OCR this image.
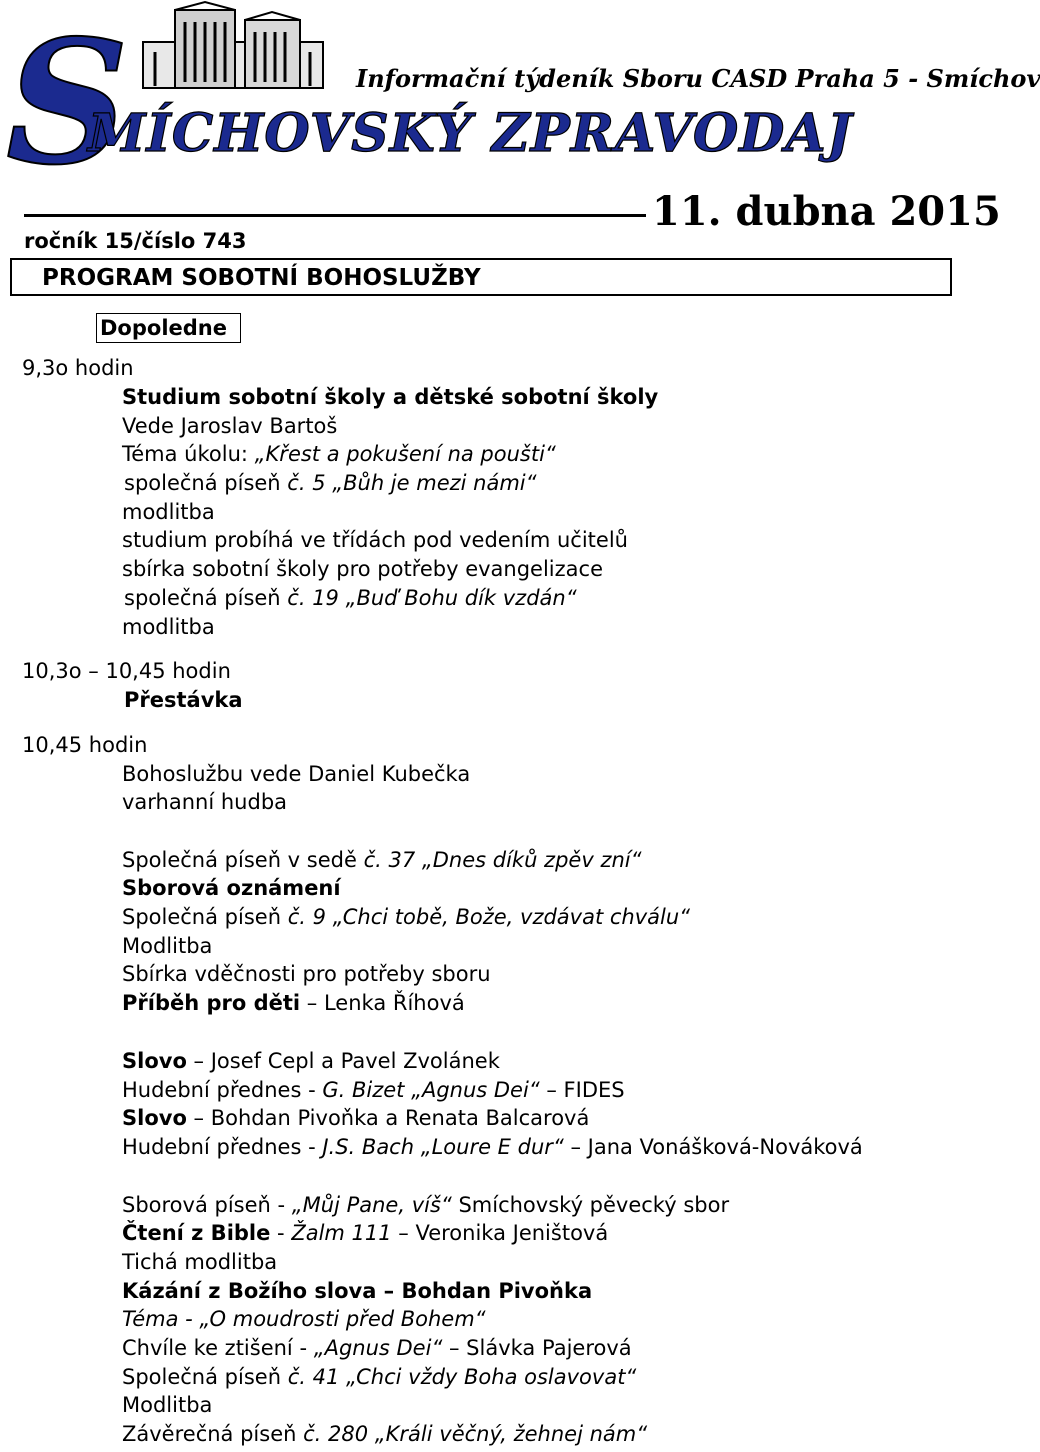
S	Informační týdeník Sboru CASD Praha 5 - Smíchov
MÍCHOVSKÝ ZPRAVODAJ
11. dubna 2015
ročník 15/číslo 743
PROGRAM SOBOTNÍ BOHOSLUŽBY
Dopoledne
9,3o hodin
Studium sobotní školy a dětské sobotní školy
Vede Jaroslav Bartoš
Téma úkolu: „Křest a pokušení na poušti“
společná píseň č. 5 „Bůh je mezi námi“
modlitba
studium probíhá ve třídách pod vedením učitelů
sbírka sobotní školy pro potřeby evangelizace
společná píseň č. 19 „Buď Bohu dík vzdán“
modlitba
10,3o – 10,45 hodin
Přestávka
10,45 hodin
Bohoslužbu vede Daniel Kubečka
varhanní hudba
Společná píseň v sedě č. 37 „Dnes díků zpěv zní“
Sborová oznámení
Společná píseň č. 9 „Chci tobě, Bože, vzdávat chválu“
Modlitba
Sbírka vděčnosti pro potřeby sboru
Příběh pro děti – Lenka Říhová
Slovo – Josef Cepl a Pavel Zvolánek
Hudební přednes - G. Bizet „Agnus Dei“ – FIDES
Slovo – Bohdan Pivoňka a Renata Balcarová
Hudební přednes - J.S. Bach „Loure E dur“ – Jana Vonášková-Nováková
Sborová píseň - „Můj Pane, víš“ Smíchovský pěvecký sbor
Čtení z Bible - Žalm 111 – Veronika Jeništová
Tichá modlitba
Kázání z Božího slova – Bohdan Pivoňka
Téma - „O moudrosti před Bohem“
Chvíle ke ztišení - „Agnus Dei“ – Slávka Pajerová
Společná píseň č. 41 „Chci vždy Boha oslavovat“
Modlitba
Závěrečná píseň č. 280 „Králi věčný, žehnej nám“
